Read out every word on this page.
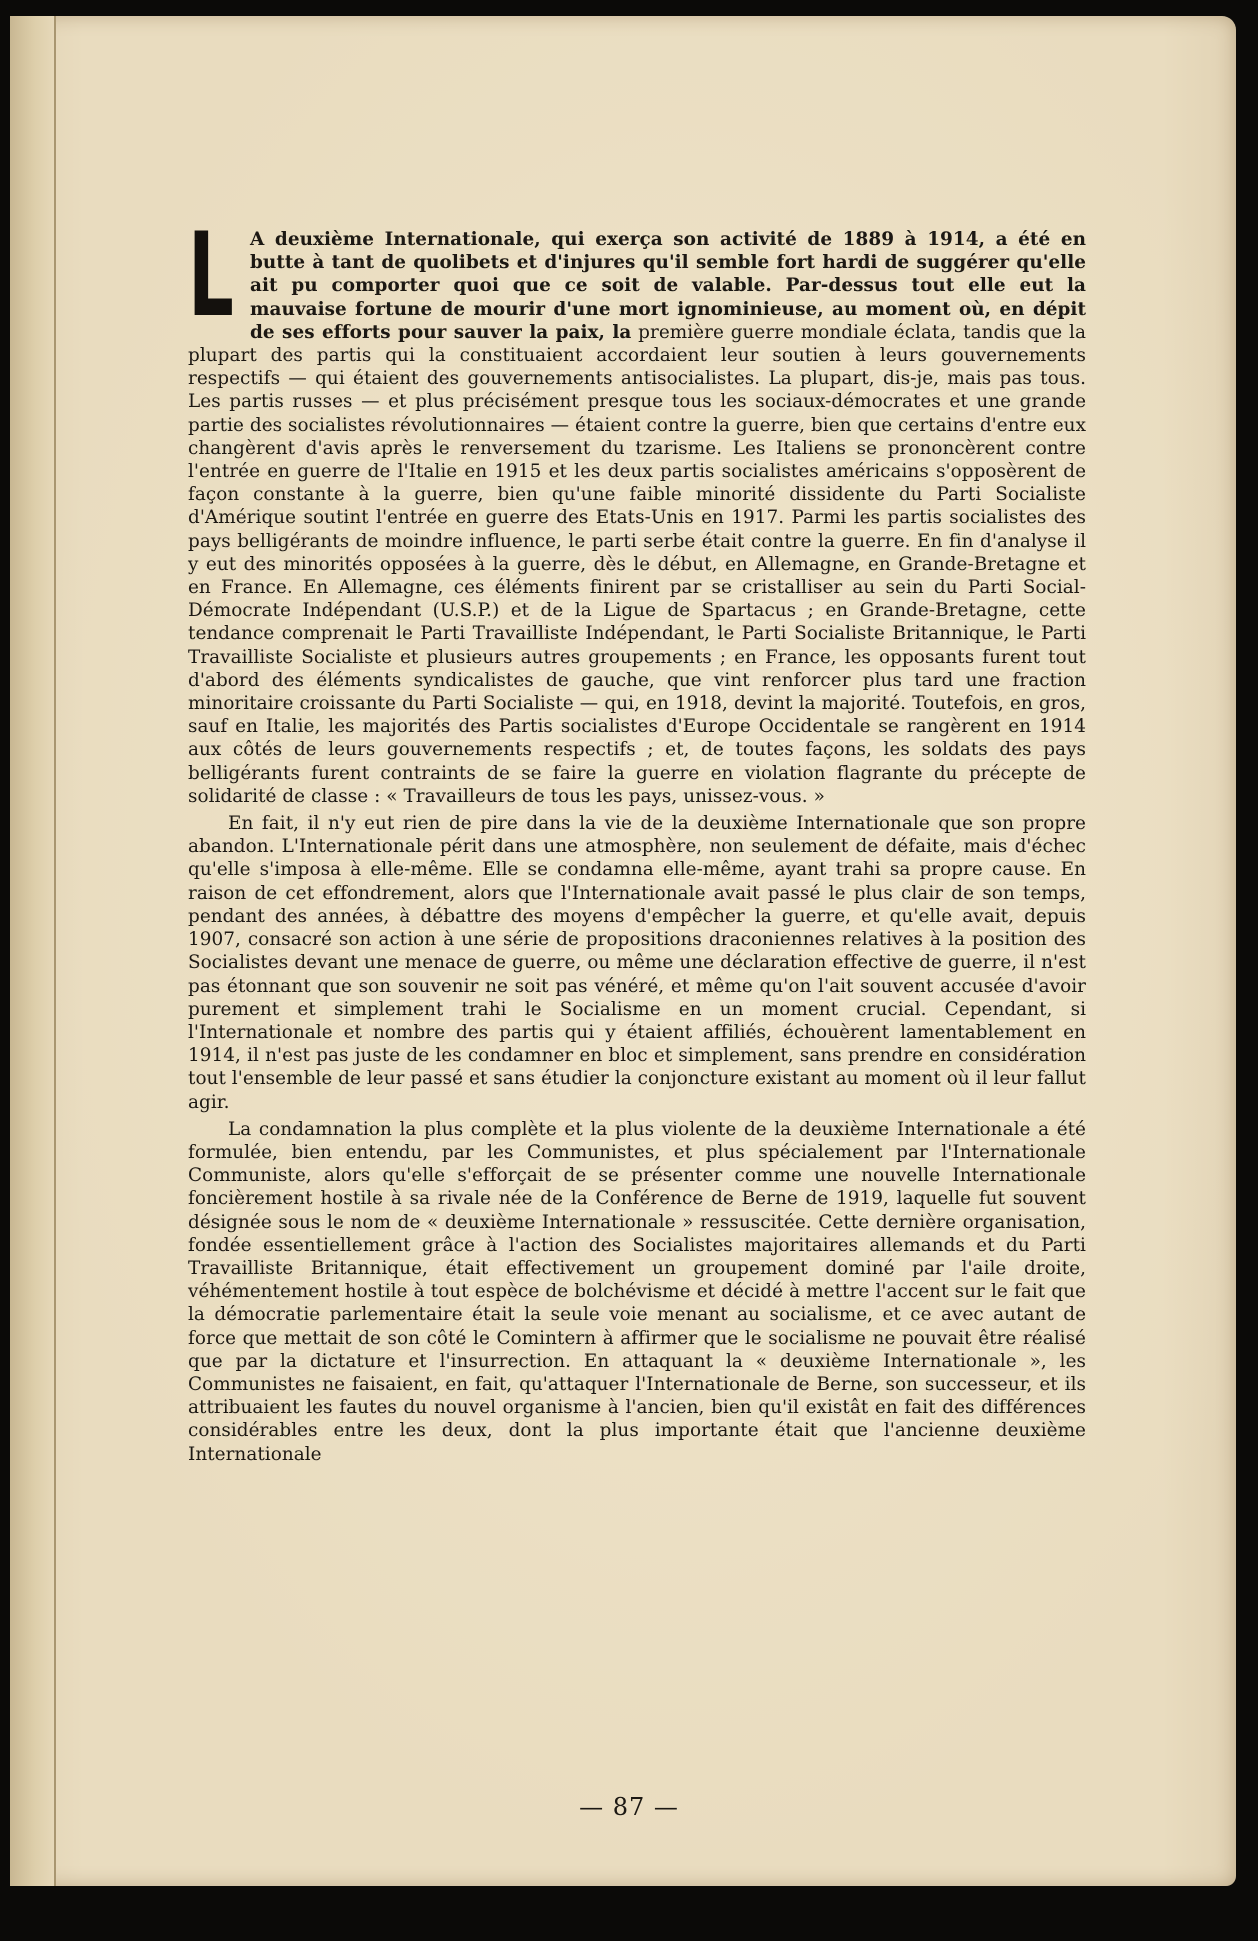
L A deuxième Internationale, qui exerça son activité de 1889 à 1914, a été en butte à tant de quolibets et d'injures qu'il semble fort hardi de suggérer qu'elle ait pu comporter quoi que ce soit de valable. Par-dessus tout elle eut la mauvaise fortune de mourir d'une mort ignominieuse, au moment où, en dépit de ses efforts pour sauver la paix, la première guerre mondiale éclata, tandis que la plupart des partis qui la constituaient accordaient leur soutien à leurs gouvernements respectifs — qui étaient des gouvernements antisocialistes. La plupart, dis-je, mais pas tous. Les partis russes — et plus précisément presque tous les sociaux-démocrates et une grande partie des socialistes révolutionnaires — étaient contre la guerre, bien que certains d'entre eux changèrent d'avis après le renversement du tzarisme. Les Italiens se prononcèrent contre l'entrée en guerre de l'Italie en 1915 et les deux partis socialistes américains s'opposèrent de façon constante à la guerre, bien qu'une faible minorité dissidente du Parti Socialiste d'Amérique soutint l'entrée en guerre des Etats-Unis en 1917. Parmi les partis socialistes des pays belligérants de moindre influence, le parti serbe était contre la guerre. En fin d'analyse il y eut des minorités opposées à la guerre, dès le début, en Allemagne, en Grande-Bretagne et en France. En Allemagne, ces éléments finirent par se cristalliser au sein du Parti Social-Démocrate Indépendant (U.S.P.) et de la Ligue de Spartacus ; en Grande-Bretagne, cette tendance comprenait le Parti Travailliste Indépendant, le Parti Socialiste Britannique, le Parti Travailliste Socialiste et plusieurs autres groupements ; en France, les opposants furent tout d'abord des éléments syndicalistes de gauche, que vint renforcer plus tard une fraction minoritaire croissante du Parti Socialiste — qui, en 1918, devint la majorité. Toutefois, en gros, sauf en Italie, les majorités des Partis socialistes d'Europe Occidentale se rangèrent en 1914 aux côtés de leurs gouvernements respectifs ; et, de toutes façons, les soldats des pays belligérants furent contraints de se faire la guerre en violation flagrante du précepte de solidarité de classe : « Travailleurs de tous les pays, unissez-vous. »

En fait, il n'y eut rien de pire dans la vie de la deuxième Internationale que son propre abandon. L'Internationale périt dans une atmosphère, non seulement de défaite, mais d'échec qu'elle s'imposa à elle-même. Elle se condamna elle-même, ayant trahi sa propre cause. En raison de cet effondrement, alors que l'Internationale avait passé le plus clair de son temps, pendant des années, à débattre des moyens d'empêcher la guerre, et qu'elle avait, depuis 1907, consacré son action à une série de propositions draconiennes relatives à la position des Socialistes devant une menace de guerre, ou même une déclaration effective de guerre, il n'est pas étonnant que son souvenir ne soit pas vénéré, et même qu'on l'ait souvent accusée d'avoir purement et simplement trahi le Socialisme en un moment crucial. Cependant, si l'Internationale et nombre des partis qui y étaient affiliés, échouèrent lamentablement en 1914, il n'est pas juste de les condamner en bloc et simplement, sans prendre en considération tout l'ensemble de leur passé et sans étudier la conjoncture existant au moment où il leur fallut agir.

La condamnation la plus complète et la plus violente de la deuxième Internationale a été formulée, bien entendu, par les Communistes, et plus spécialement par l'Internationale Communiste, alors qu'elle s'efforçait de se présenter comme une nouvelle Internationale foncièrement hostile à sa rivale née de la Conférence de Berne de 1919, laquelle fut souvent désignée sous le nom de « deuxième Internationale » ressuscitée. Cette dernière organisation, fondée essentiellement grâce à l'action des Socialistes majoritaires allemands et du Parti Travailliste Britannique, était effectivement un groupement dominé par l'aile droite, véhémentement hostile à tout espèce de bolchévisme et décidé à mettre l'accent sur le fait que la démocratie parlementaire était la seule voie menant au socialisme, et ce avec autant de force que mettait de son côté le Comintern à affirmer que le socialisme ne pouvait être réalisé que par la dictature et l'insurrection. En attaquant la « deuxième Internationale », les Communistes ne faisaient, en fait, qu'attaquer l'Internationale de Berne, son successeur, et ils attribuaient les fautes du nouvel organisme à l'ancien, bien qu'il existât en fait des différences considérables entre les deux, dont la plus importante était que l'ancienne deuxième Internationale

— 87 —
